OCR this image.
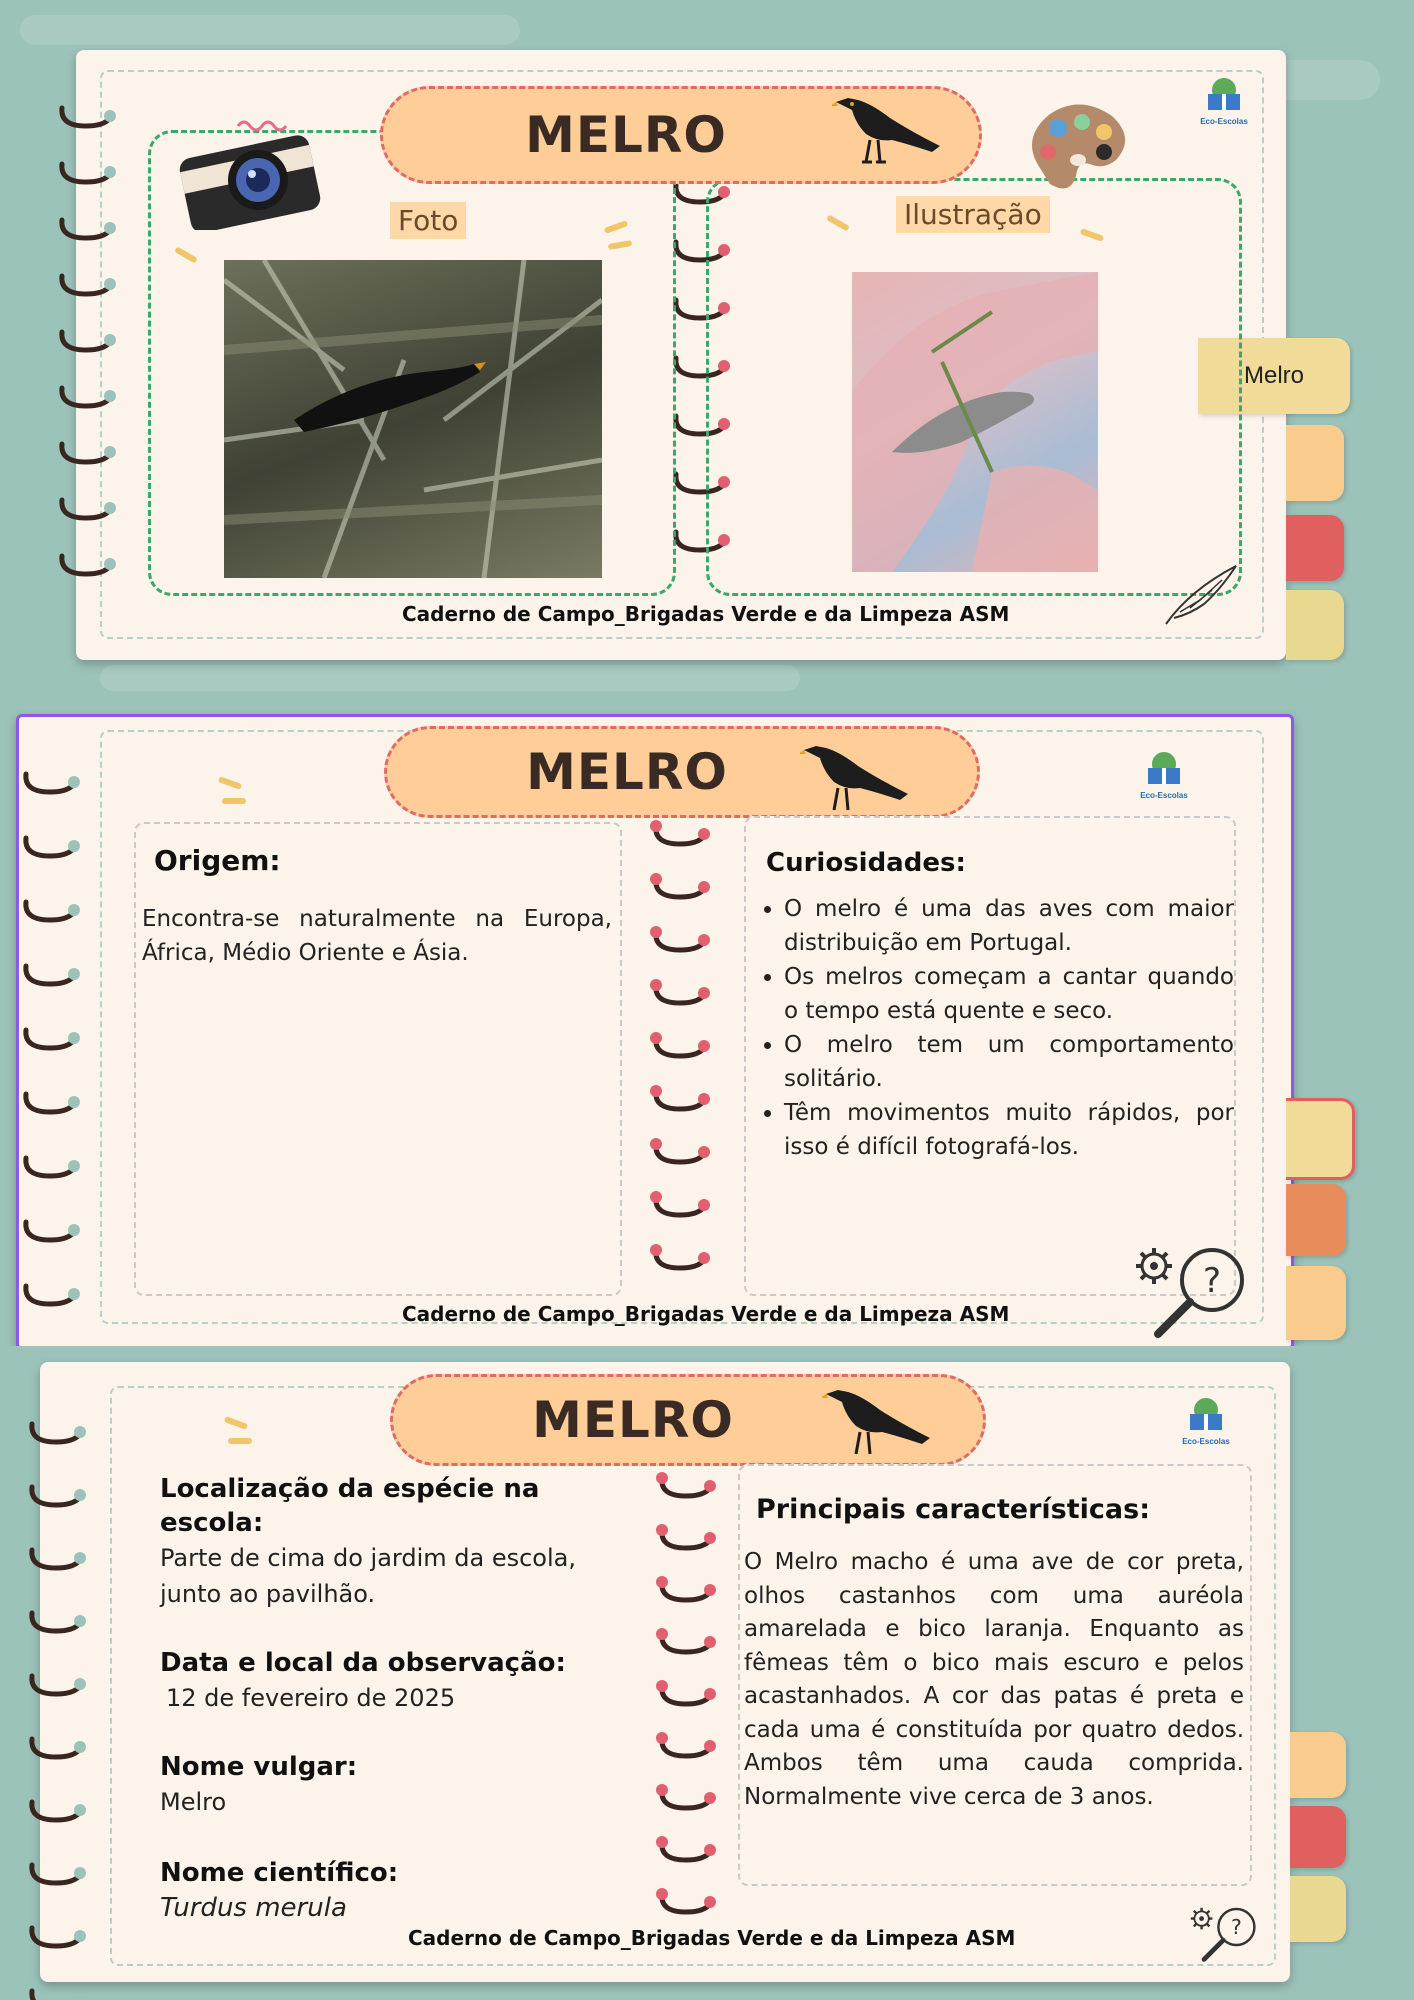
Melro
MELRO	Eco-Escolas
Foto	Ilustração
Caderno de Campo_Brigadas Verde e da Limpeza ASM
MELRO	Eco-Escolas
Origem:
Encontra-se naturalmente na Europa, África, Médio Oriente e Ásia.
Curiosidades:
• O melro é uma das aves com maior distribuição em Portugal.
• Os melros começam a cantar quando o tempo está quente e seco.
• O melro tem um comportamento solitário.
• Têm movimentos muito rápidos, por isso é difícil fotografá-los.
?
Caderno de Campo_Brigadas Verde e da Limpeza ASM
MELRO	Eco-Escolas
Localização da espécie na escola:
Parte de cima do jardim da escola, junto ao pavilhão.
Data e local da observação:
12 de fevereiro de 2025
Nome vulgar:
Melro
Nome científico:
Turdus merula
Principais características:
O Melro macho é uma ave de cor preta, olhos castanhos com uma auréola amarelada e bico laranja. Enquanto as fêmeas têm o bico mais escuro e pelos acastanhados. A cor das patas é preta e cada uma é constituída por quatro dedos. Ambos têm uma cauda comprida. Normalmente vive cerca de 3 anos.
?
Caderno de Campo_Brigadas Verde e da Limpeza ASM
